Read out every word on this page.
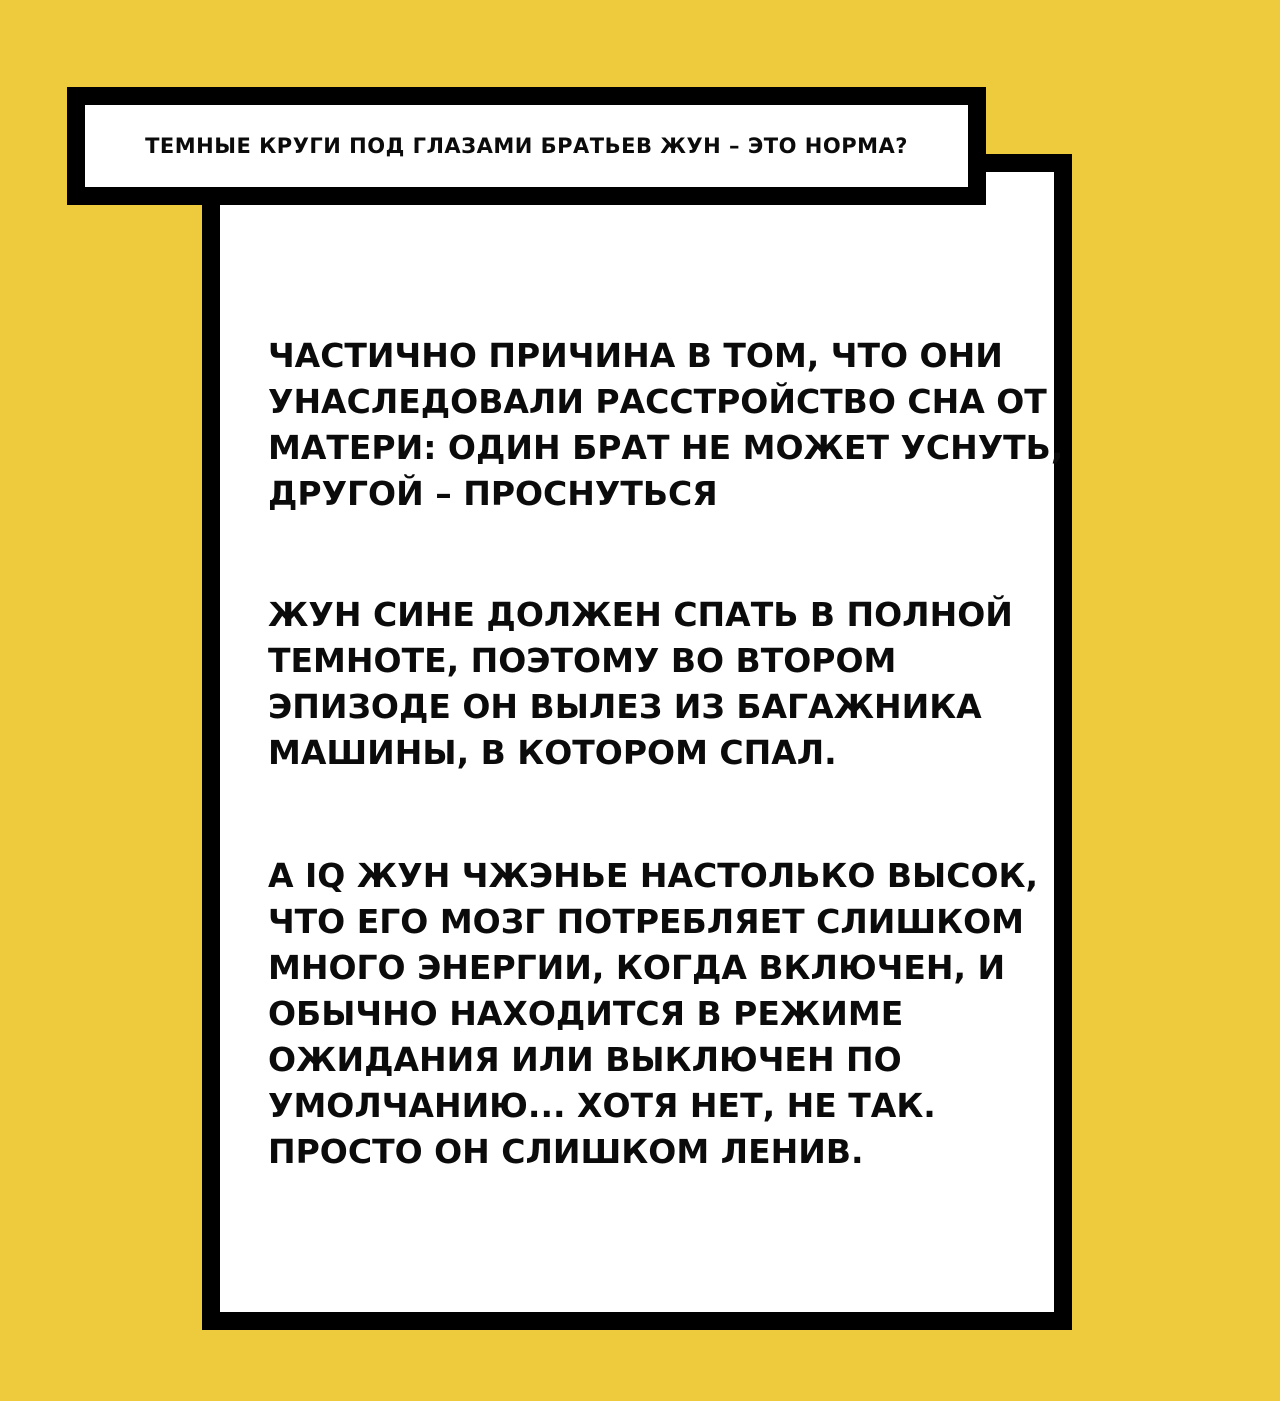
ТЕМНЫЕ КРУГИ ПОД ГЛАЗАМИ БРАТЬЕВ ЖУН – ЭТО НОРМА?

ЧАСТИЧНО ПРИЧИНА В ТОМ, ЧТО ОНИ
УНАСЛЕДОВАЛИ РАССТРОЙСТВО СНА ОТ
МАТЕРИ: ОДИН БРАТ НЕ МОЖЕТ УСНУТЬ,
ДРУГОЙ – ПРОСНУТЬСЯ

ЖУН СИНЕ ДОЛЖЕН СПАТЬ В ПОЛНОЙ
ТЕМНОТЕ, ПОЭТОМУ ВО ВТОРОМ
ЭПИЗОДЕ ОН ВЫЛЕЗ ИЗ БАГАЖНИКА
МАШИНЫ, В КОТОРОМ СПАЛ.

А IQ ЖУН ЧЖЭНЬЕ НАСТОЛЬКО ВЫСОК,
ЧТО ЕГО МОЗГ ПОТРЕБЛЯЕТ СЛИШКОМ
МНОГО ЭНЕРГИИ, КОГДА ВКЛЮЧЕН, И
ОБЫЧНО НАХОДИТСЯ В РЕЖИМЕ
ОЖИДАНИЯ ИЛИ ВЫКЛЮЧЕН ПО
УМОЛЧАНИЮ... ХОТЯ НЕТ, НЕ ТАК.
ПРОСТО ОН СЛИШКОМ ЛЕНИВ.
